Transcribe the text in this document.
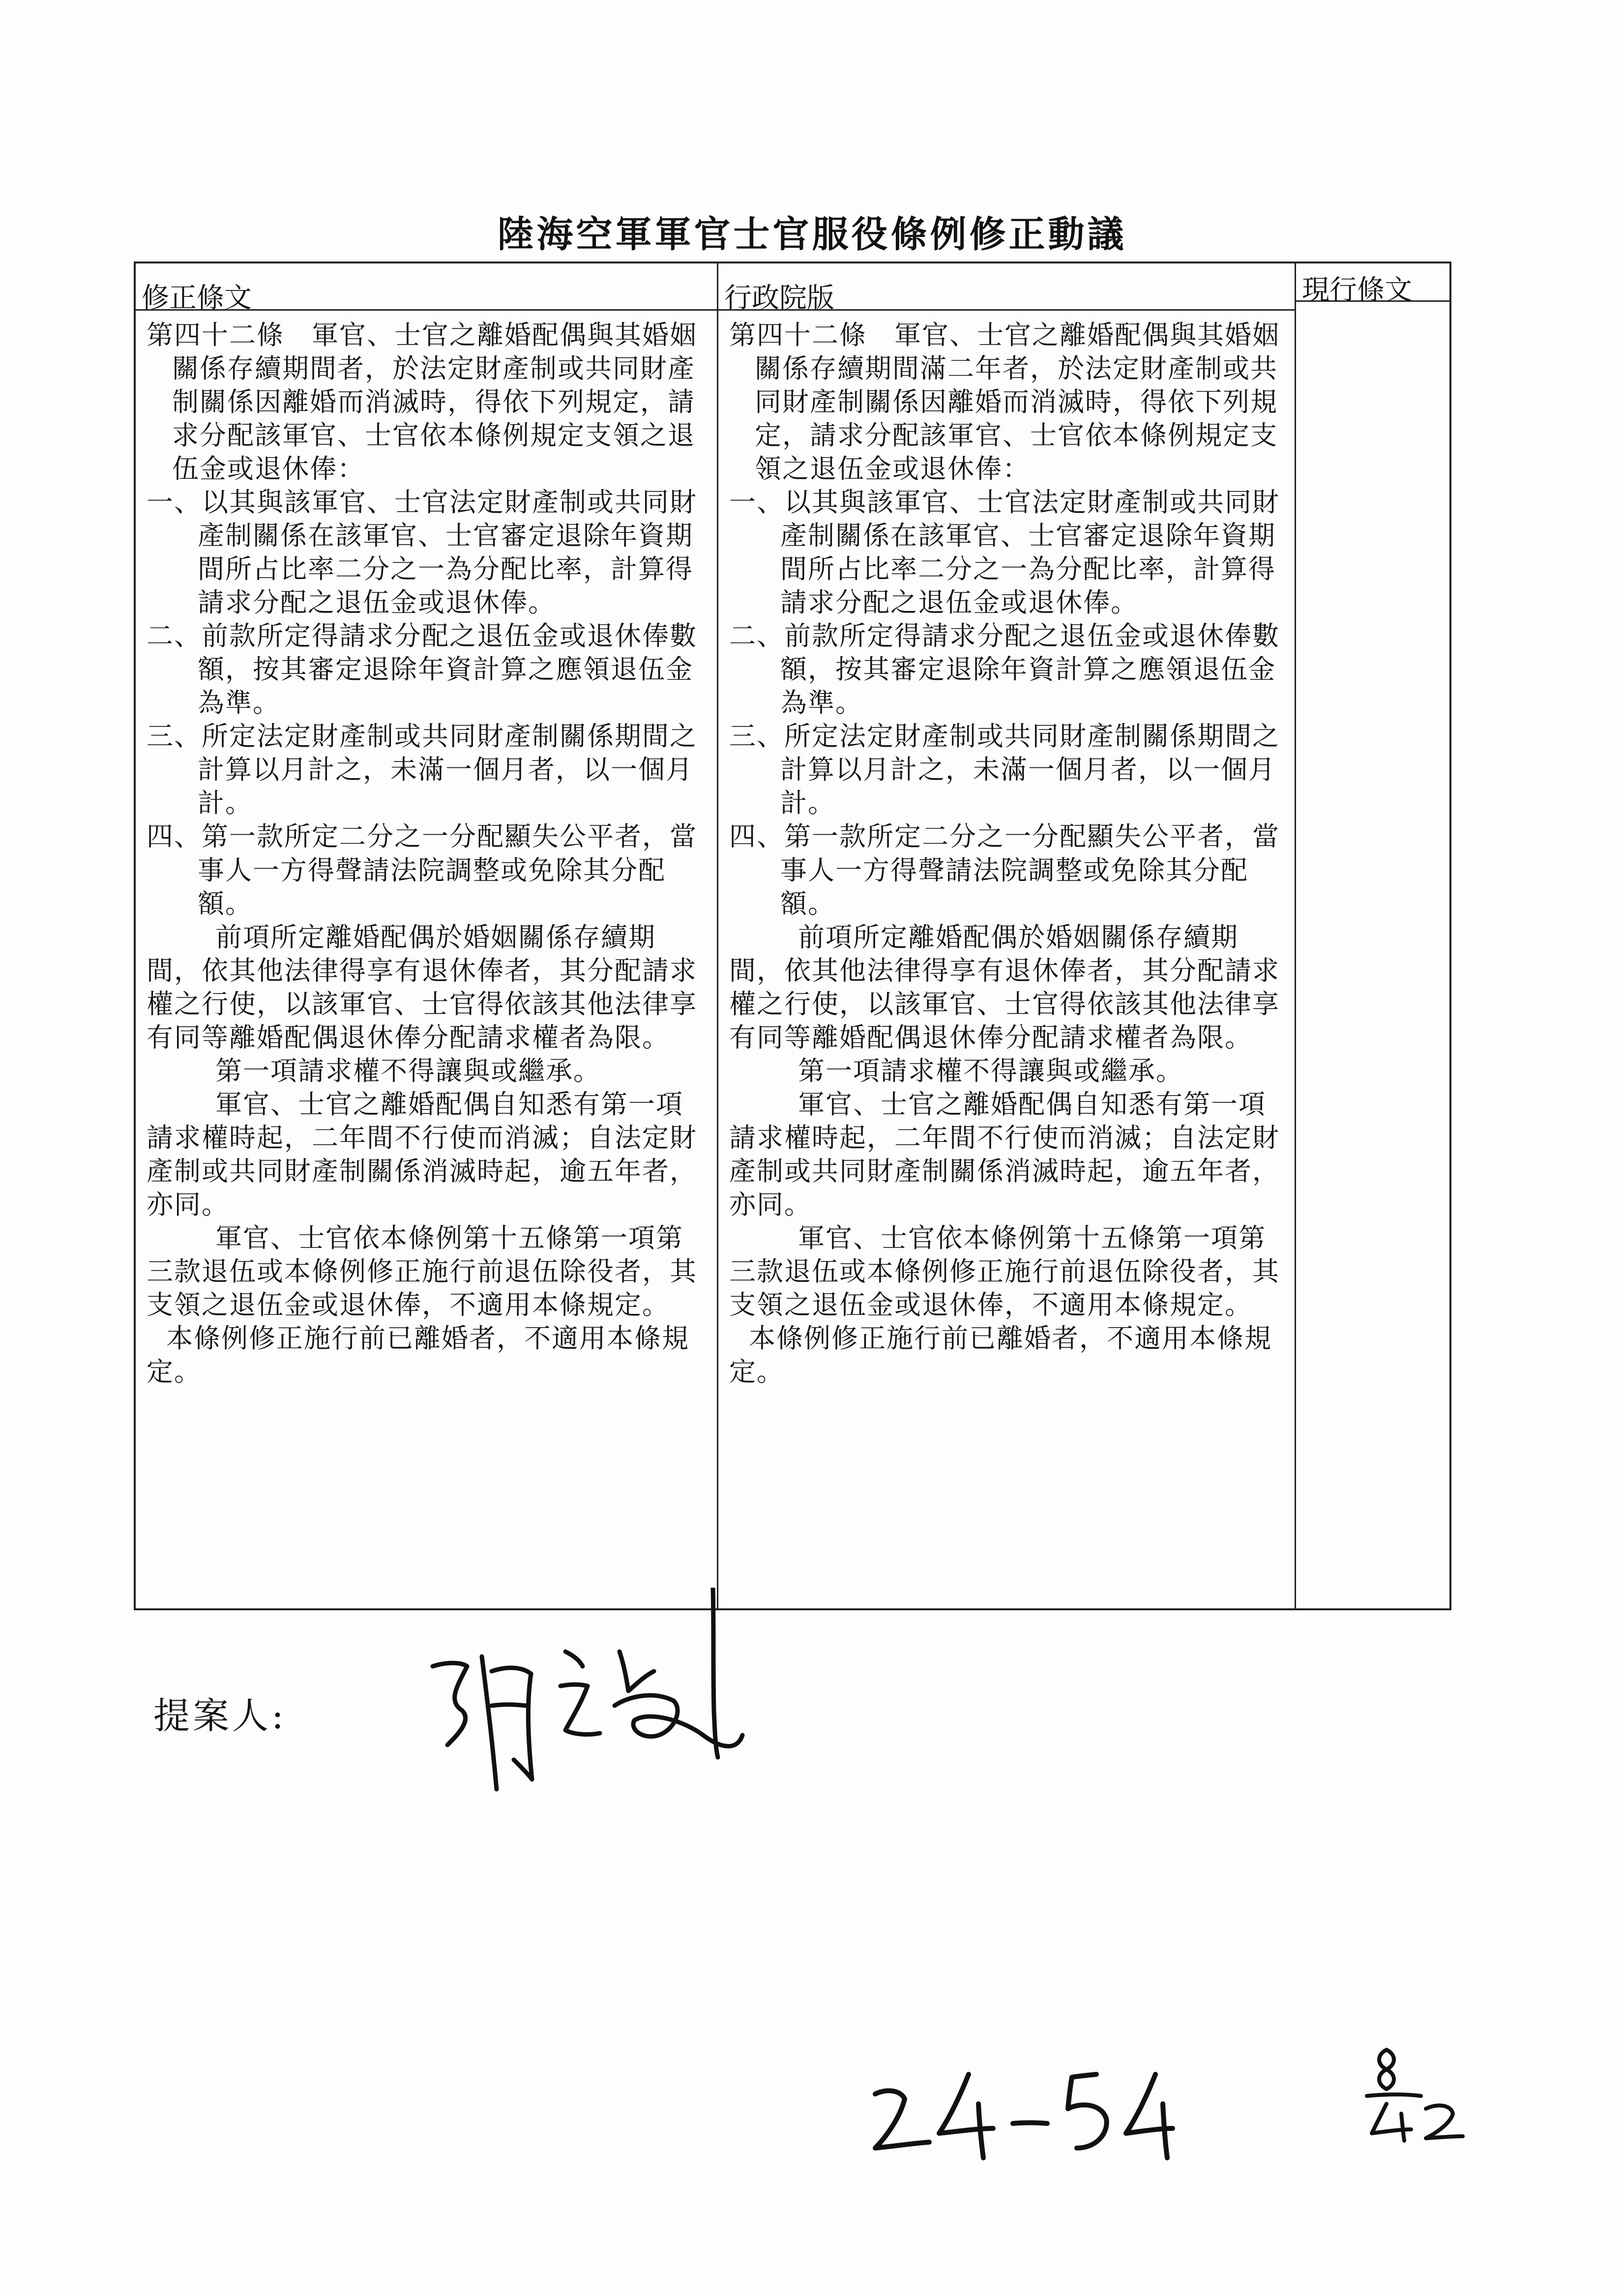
陸海空軍軍官士官服役條例修正動議
修正條文

第四十二條　軍官、士官之離婚配偶與其婚姻關係存續期間者，於法定財產制或共同財產制關係因離婚而消滅時，得依下列規定，請求分配該軍官、士官依本條例規定支領之退伍金或退休俸：

一、以其與該軍官、士官法定財產制或共同財產制關係在該軍官、士官審定退除年資期間所占比率二分之一為分配比率，計算得請求分配之退伍金或退休俸。

二、前款所定得請求分配之退伍金或退休俸數額，按其審定退除年資計算之應領退伍金為準。

三、所定法定財產制或共同財產制關係期間之計算以月計之，未滿一個月者，以一個月計。

四、第一款所定二分之一分配顯失公平者，當事人一方得聲請法院調整或免除其分配額。

前項所定離婚配偶於婚姻關係存續期間，依其他法律得享有退休俸者，其分配請求權之行使，以該軍官、士官得依該其他法律享有同等離婚配偶退休俸分配請求權者為限。

第一項請求權不得讓與或繼承。

軍官、士官之離婚配偶自知悉有第一項請求權時起，二年間不行使而消滅；自法定財產制或共同財產制關係消滅時起，逾五年者，亦同。

軍官、士官依本條例第十五條第一項第三款退伍或本條例修正施行前退伍除役者，其支領之退伍金或退休俸，不適用本條規定。

本條例修正施行前已離婚者，不適用本條規定。

行政院版

第四十二條　軍官、士官之離婚配偶與其婚姻關係存續期間滿二年者，於法定財產制或共同財產制關係因離婚而消滅時，得依下列規定，請求分配該軍官、士官依本條例規定支領之退伍金或退休俸：

一、以其與該軍官、士官法定財產制或共同財產制關係在該軍官、士官審定退除年資期間所占比率二分之一為分配比率，計算得請求分配之退伍金或退休俸。

二、前款所定得請求分配之退伍金或退休俸數額，按其審定退除年資計算之應領退伍金為準。

三、所定法定財產制或共同財產制關係期間之計算以月計之，未滿一個月者，以一個月計。

四、第一款所定二分之一分配顯失公平者，當事人一方得聲請法院調整或免除其分配額。

前項所定離婚配偶於婚姻關係存續期間，依其他法律得享有退休俸者，其分配請求權之行使，以該軍官、士官得依該其他法律享有同等離婚配偶退休俸分配請求權者為限。

第一項請求權不得讓與或繼承。

軍官、士官之離婚配偶自知悉有第一項請求權時起，二年間不行使而消滅；自法定財產制或共同財產制關係消滅時起，逾五年者，亦同。

軍官、士官依本條例第十五條第一項第三款退伍或本條例修正施行前退伍除役者，其支領之退伍金或退休俸，不適用本條規定。

本條例修正施行前已離婚者，不適用本條規定。

現行條文
提案人:
